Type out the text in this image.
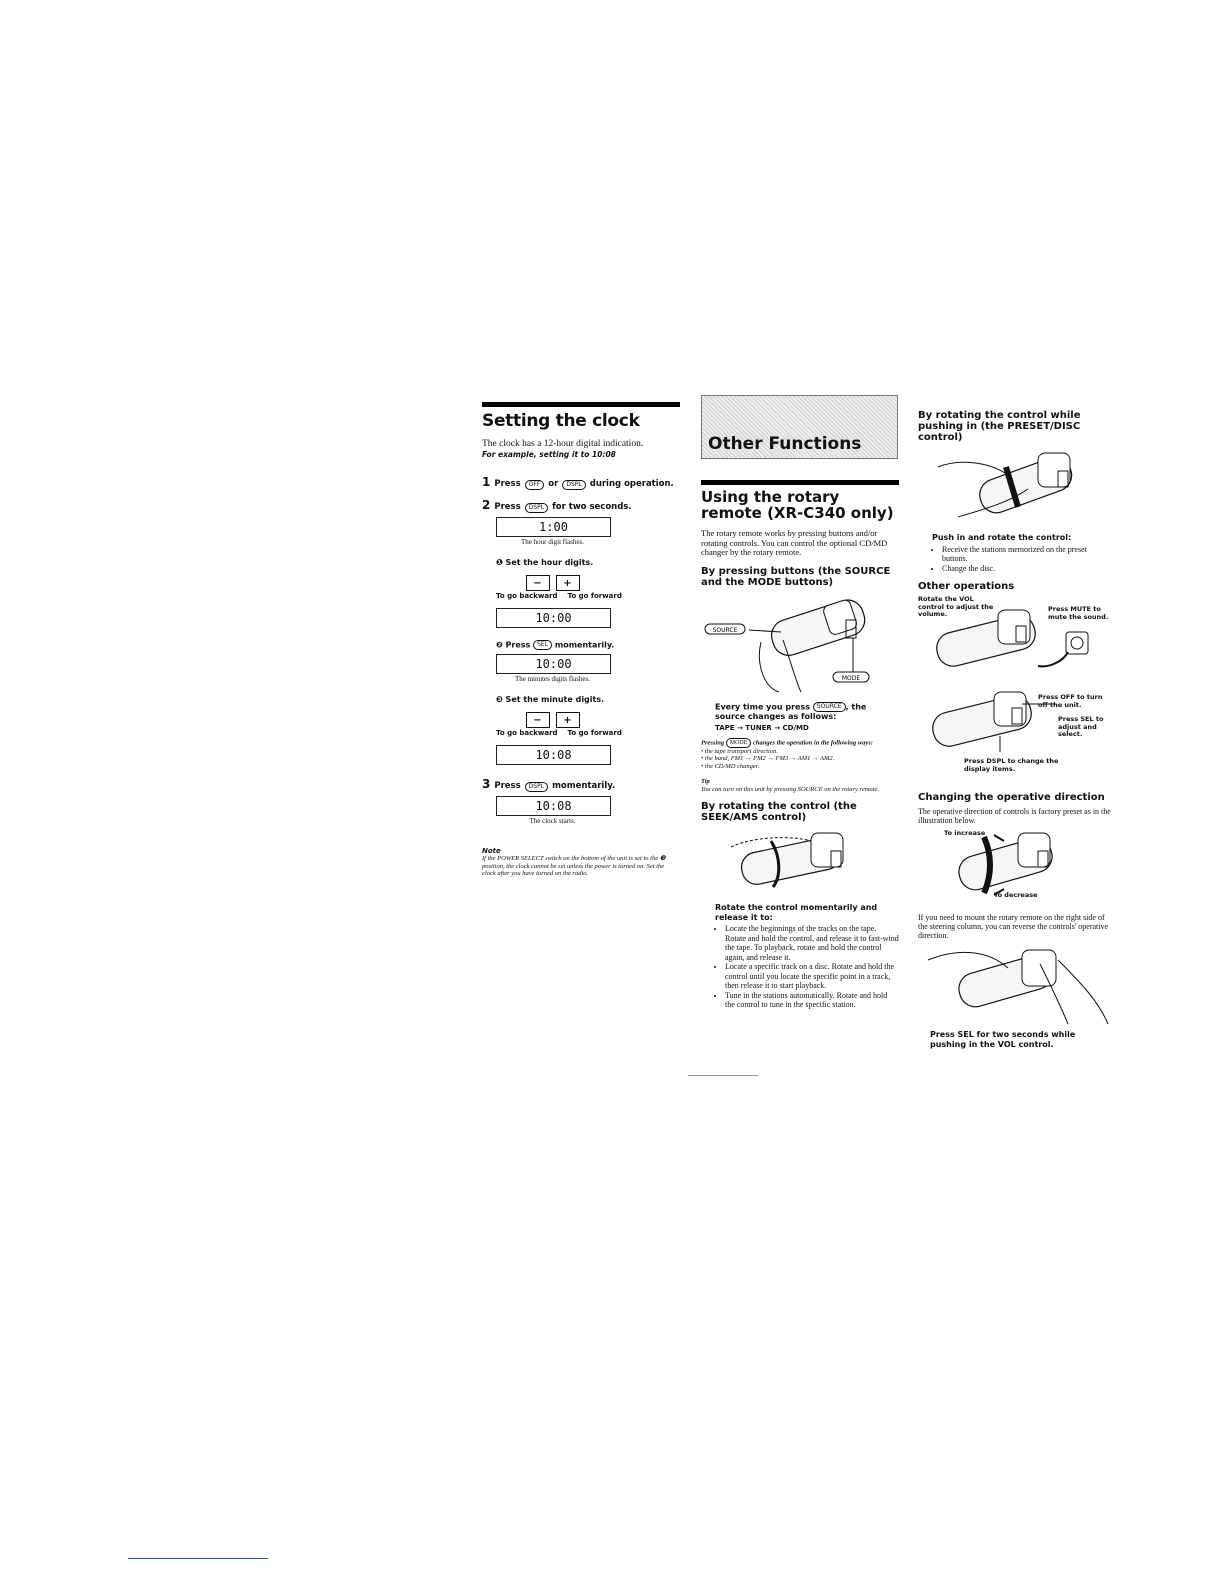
Setting the clock
The clock has a 12-hour digital indication.
For example, setting it to 10:08
1 Press	OFF or	DSPL during operation.
2 Press	DSPL for two seconds.
1:00
The hour digit flashes.
❶ Set the hour digits.
−	+
To go backward To go forward
10:00
❷ Press SEL momentarily.
10:00
The minutes digits flashes.
❸ Set the minute digits.
−	+
To go backward To go forward
10:08
3 Press	DSPL momentarily.
10:08
The clock starts.
Note
If the POWER SELECT switch on the bottom of the unit is set to the ❸ position, the clock cannot be set unless the power is turned on. Set the clock after you have turned on the radio.
Other Functions
Using the rotary remote (XR-C340 only)
The rotary remote works by pressing buttons and/or rotating controls. You can control the optional CD/MD changer by the rotary remote.
By pressing buttons (the SOURCE and the MODE buttons)
SOURCE
MODE
Every time you press SOURCE , the source changes as follows:
TAPE → TUNER → CD/MD
Pressing MODE changes the operation in the following ways:
• the tape transport direction.
• the band, FM1 → FM2 → FM3 → AM1 → AM2.
• the CD/MD changer.
Tip
You can turn on this unit by pressing SOURCE on the rotary remote.
By rotating the control (the SEEK/AMS control)
Rotate the control momentarily and release it to:
• Locate the beginnings of the tracks on the tape. Rotate and hold the control, and release it to fast-wind the tape. To playback, rotate and hold the control again, and release it.
• Locate a specific track on a disc. Rotate and hold the control until you locate the specific point in a track, then release it to start playback.
• Tune in the stations automatically. Rotate and hold the control to tune in the specific station.
By rotating the control while pushing in (the PRESET/DISC control)
Push in and rotate the control:
• Receive the stations memorized on the preset buttons.
• Change the disc.
Other operations
Rotate the VOL control to adjust the volume.
Press MUTE to mute the sound.
Press OFF to turn off the unit.
Press SEL to adjust and select.
Press DSPL to change the display items.
Changing the operative direction
The operative direction of controls is factory preset as in the illustration below.
To increase
To decrease
If you need to mount the rotary remote on the right side of the steering column, you can reverse the controls' operative direction.
Press SEL for two seconds while pushing in the VOL control.
